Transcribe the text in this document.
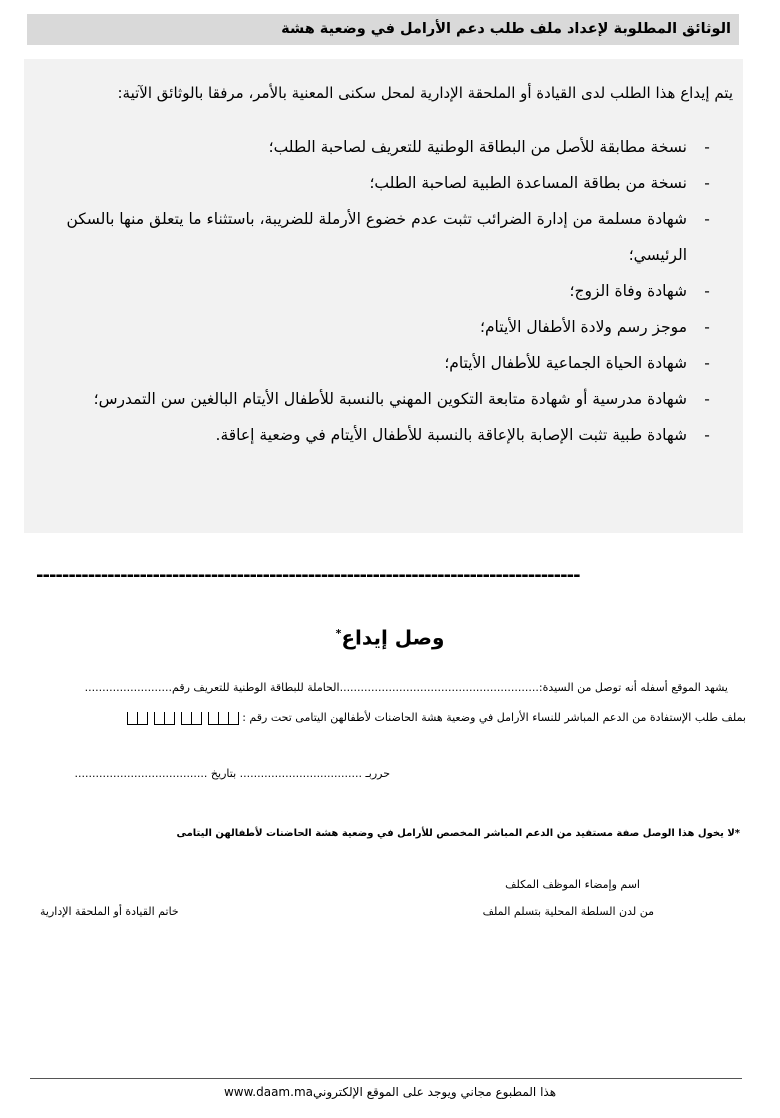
الوثائق المطلوبة لإعداد ملف طلب دعم الأرامل في وضعية هشة

يتم إيداع هذا الطلب لدى القيادة أو الملحقة الإدارية لمحل سكنى المعنية بالأمر، مرفقا بالوثائق الآتية:

-
نسخة مطابقة للأصل من البطاقة الوطنية للتعريف لصاحبة الطلب؛
-
نسخة من بطاقة المساعدة الطبية لصاحبة الطلب؛
-
شهادة مسلمة من إدارة الضرائب تثبت عدم خضوع الأرملة للضريبة، باستثناء ما يتعلق منها بالسكن الرئيسي؛
-
شهادة وفاة الزوج؛
-
موجز رسم ولادة الأطفال الأيتام؛
-
شهادة الحياة الجماعية للأطفال الأيتام؛
-
شهادة مدرسية أو شهادة متابعة التكوين المهني بالنسبة للأطفال الأيتام البالغين سن التمدرس؛
-
شهادة طبية تثبت الإصابة بالإعاقة بالنسبة للأطفال الأيتام في وضعية إعاقة.
------------------------------------------------------------------------------------
وصل إيداع*
يشهد الموقع أسفله أنه توصل من السيدة:.........................................................الحاملة للبطاقة الوطنية للتعريف رقم.........................
بملف طلب الإستفادة من الدعم المباشر للنساء الأرامل في وضعية هشة الحاضنات لأطفالهن اليتامى تحت رقم :
حرربـ ................................... بتاريخ ......................................
*لا يخول هذا الوصل صفة مستفيد من الدعم المباشر المخصص للأرامل في وضعية هشة الحاضنات لأطفالهن اليتامى
اسم وإمضاء الموظف المكلف
من لدن السلطة المحلية بتسلم الملف
خاتم القيادة أو الملحقة الإدارية
هذا المطبوع مجاني ويوجد على الموقع الإلكترونيwww.daam.ma
